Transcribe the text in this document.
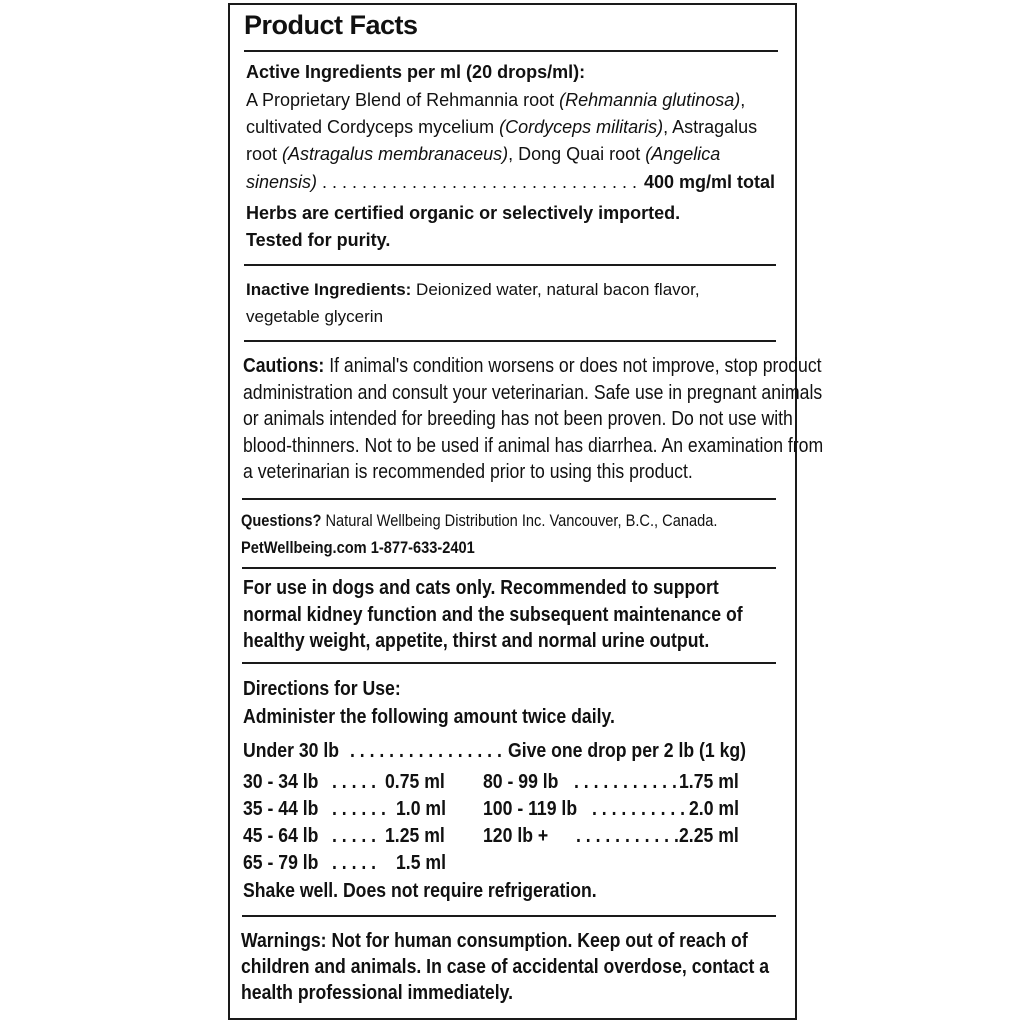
Product Facts
Active Ingredients per ml (20 drops/ml):
A Proprietary Blend of Rehmannia root (Rehmannia glutinosa),
cultivated Cordyceps mycelium (Cordyceps militaris), Astragalus
root (Astragalus membranaceus), Dong Quai root (Angelica
sinensis) . . . . . . . . . . . . . . . . . . . . . . . . . . . . . . . . 400 mg/ml total
Herbs are certified organic or selectively imported.
Tested for purity.
Inactive Ingredients: Deionized water, natural bacon flavor,
vegetable glycerin
Cautions: If animal's condition worsens or does not improve, stop product
administration and consult your veterinarian. Safe use in pregnant animals
or animals intended for breeding has not been proven. Do not use with
blood-thinners. Not to be used if animal has diarrhea. An examination from
a veterinarian is recommended prior to using this product.
Questions? Natural Wellbeing Distribution Inc. Vancouver, B.C., Canada.
PetWellbeing.com 1-877-633-2401
For use in dogs and cats only. Recommended to support
normal kidney function and the subsequent maintenance of
healthy weight, appetite, thirst and normal urine output.
Directions for Use:
Administer the following amount twice daily.
Under 30 lb . . . . . . . . . . . . . . . . Give one drop per 2 lb (1 kg)
30 - 34 lb . . . . . 0.75 ml
35 - 44 lb . . . . . . 1.0 ml
45 - 64 lb . . . . . 1.25 ml
65 - 79 lb . . . . . 1.5 ml
80 - 99 lb . . . . . . . . . . . 1.75 ml
100 - 119 lb . . . . . . . . . . 2.0 ml
120 lb + . . . . . . . . . . . 2.25 ml
Shake well. Does not require refrigeration.
Warnings: Not for human consumption. Keep out of reach of
children and animals. In case of accidental overdose, contact a
health professional immediately.
